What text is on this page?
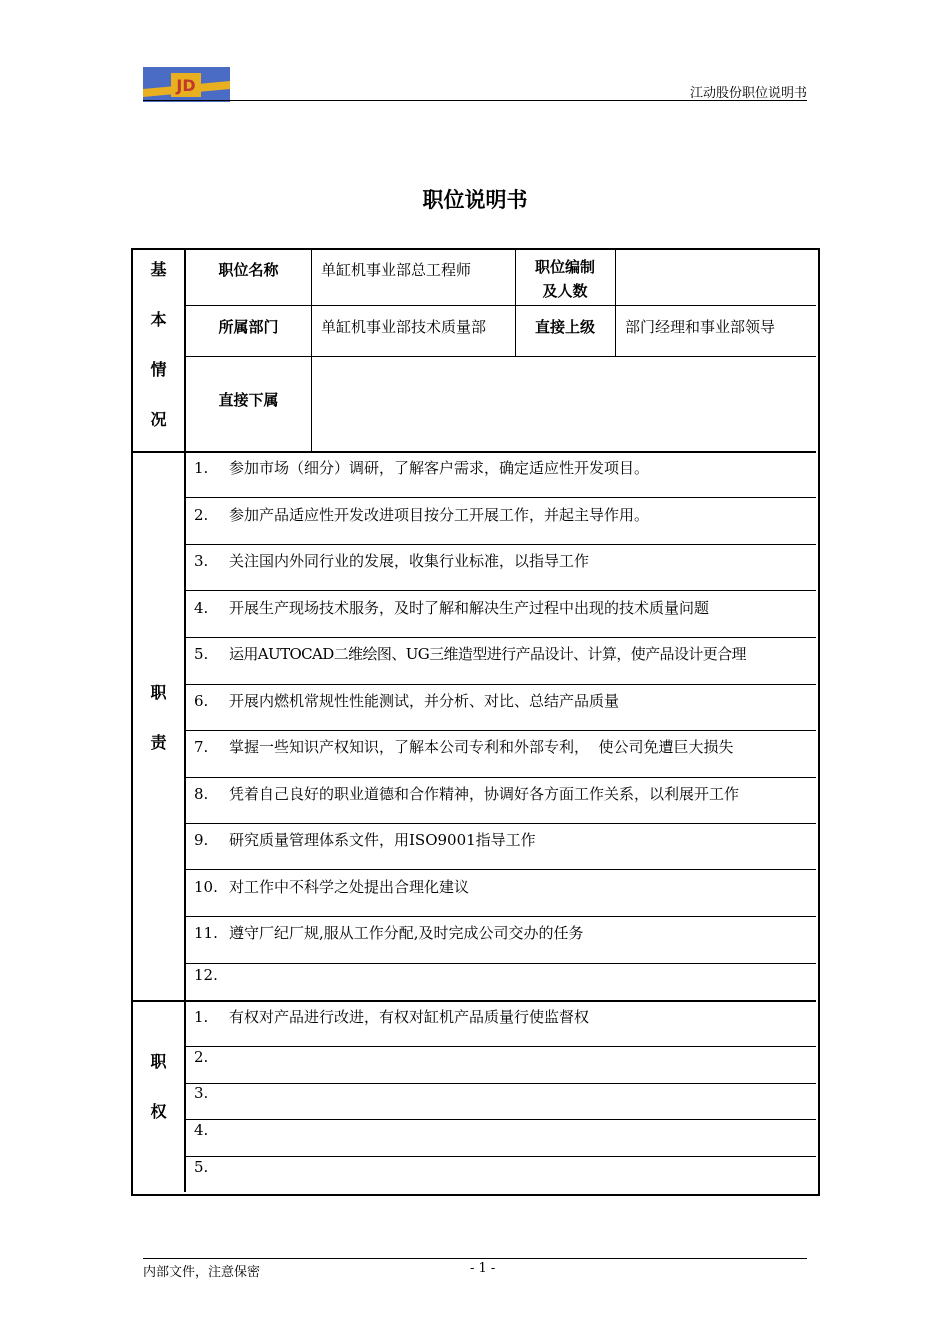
JD	江动股份职位说明书
职位说明书
基
本
情
况
职位名称	单缸机事业部总工程师	职位编制
及人数
所属部门	单缸机事业部技术质量部	直接上级	部门经理和事业部领导
直接下属
职
责
1. 参加市场（细分）调研，了解客户需求，确定适应性开发项目。
2. 参加产品适应性开发改进项目按分工开展工作，并起主导作用。
3. 关注国内外同行业的发展，收集行业标准，以指导工作
4. 开展生产现场技术服务，及时了解和解决生产过程中出现的技术质量问题
5. 运用AUTOCAD二维绘图、UG三维造型进行产品设计、计算，使产品设计更合理
6. 开展内燃机常规性性能测试，并分析、对比、总结产品质量
7. 掌握一些知识产权知识，了解本公司专利和外部专利，  使公司免遭巨大损失
8. 凭着自己良好的职业道德和合作精神，协调好各方面工作关系，以利展开工作
9. 研究质量管理体系文件，用ISO9001指导工作
10. 对工作中不科学之处提出合理化建议
11. 遵守厂纪厂规,服从工作分配,及时完成公司交办的任务
12.
职
权
1. 有权对产品进行改进，有权对缸机产品质量行使监督权
2.
3.
4.
5.
内部文件，注意保密	- 1 -
